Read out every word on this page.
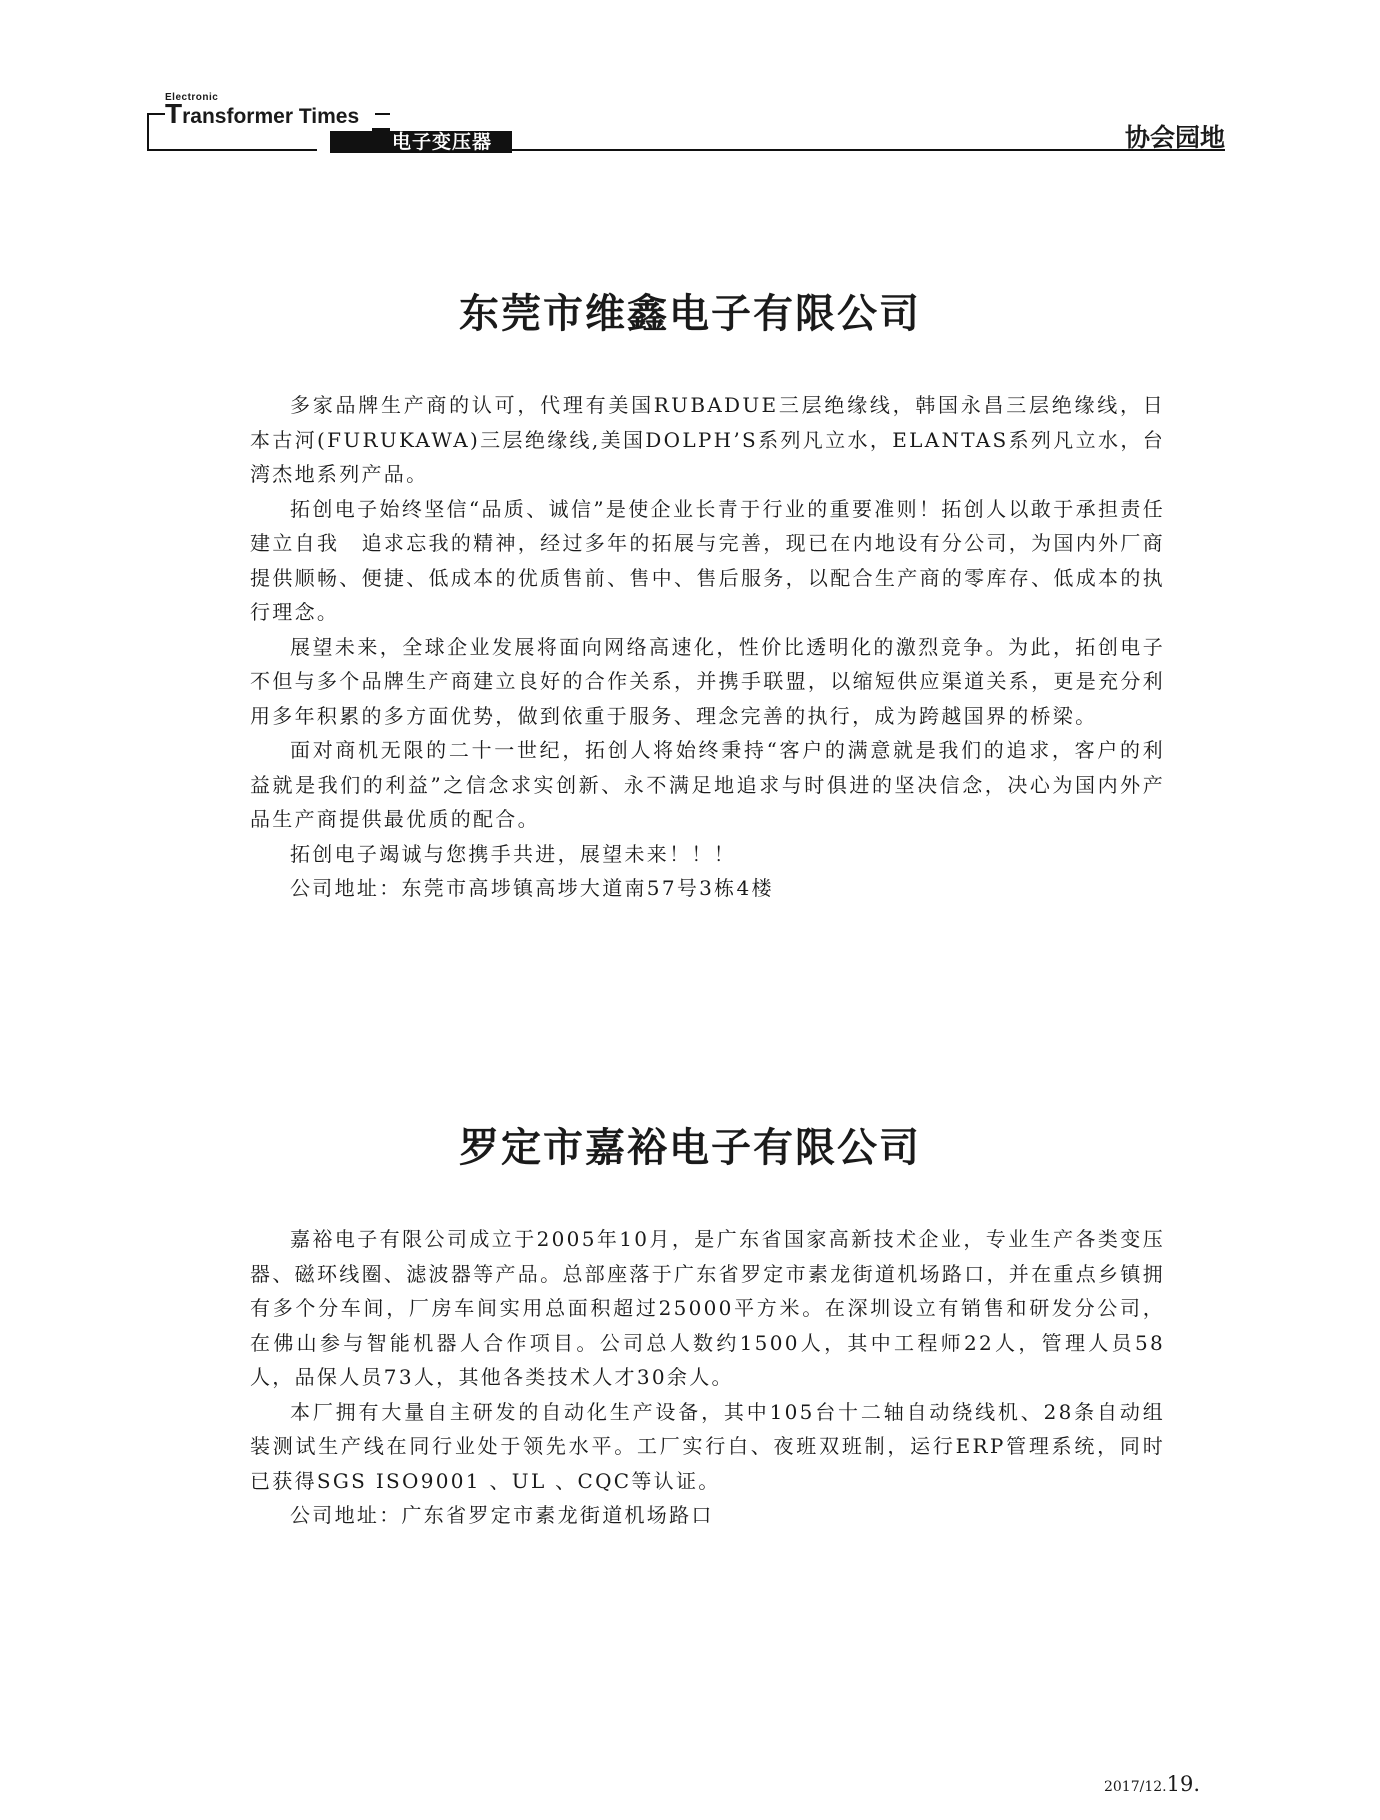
Electronic
Transformer Times
电子变压器	协会园地
东莞市维鑫电子有限公司

多家品牌生产商的认可，代理有美国RUBADUE三层绝缘线，韩国永昌三层绝缘线，日本古河(FURUKAWA)三层绝缘线,美国DOLPH’S系列凡立水，ELANTAS系列凡立水，台湾杰地系列产品。

拓创电子始终坚信“品质、诚信”是使企业长青于行业的重要准则！拓创人以敢于承担责任建立自我　追求忘我的精神，经过多年的拓展与完善，现已在内地设有分公司，为国内外厂商提供顺畅、便捷、低成本的优质售前、售中、售后服务，以配合生产商的零库存、低成本的执行理念。

展望未来，全球企业发展将面向网络高速化，性价比透明化的激烈竞争。为此，拓创电子不但与多个品牌生产商建立良好的合作关系，并携手联盟，以缩短供应渠道关系，更是充分利用多年积累的多方面优势，做到依重于服务、理念完善的执行，成为跨越国界的桥梁。

面对商机无限的二十一世纪，拓创人将始终秉持“客户的满意就是我们的追求，客户的利益就是我们的利益”之信念求实创新、永不满足地追求与时俱进的坚决信念，决心为国内外产品生产商提供最优质的配合。

拓创电子竭诚与您携手共进，展望未来！！！

公司地址：东莞市高埗镇高埗大道南57号3栋4楼

罗定市嘉裕电子有限公司

嘉裕电子有限公司成立于2005年10月，是广东省国家高新技术企业，专业生产各类变压器、磁环线圈、滤波器等产品。总部座落于广东省罗定市素龙街道机场路口，并在重点乡镇拥有多个分车间，厂房车间实用总面积超过25000平方米。在深圳设立有销售和研发分公司，在佛山参与智能机器人合作项目。公司总人数约1500人，其中工程师22人，管理人员58人，品保人员73人，其他各类技术人才30余人。

本厂拥有大量自主研发的自动化生产设备，其中105台十二轴自动绕线机、28条自动组装测试生产线在同行业处于领先水平。工厂实行白、夜班双班制，运行ERP管理系统，同时已获得SGS ISO9001 、UL 、CQC等认证。

公司地址：广东省罗定市素龙街道机场路口

2017/12.19.
